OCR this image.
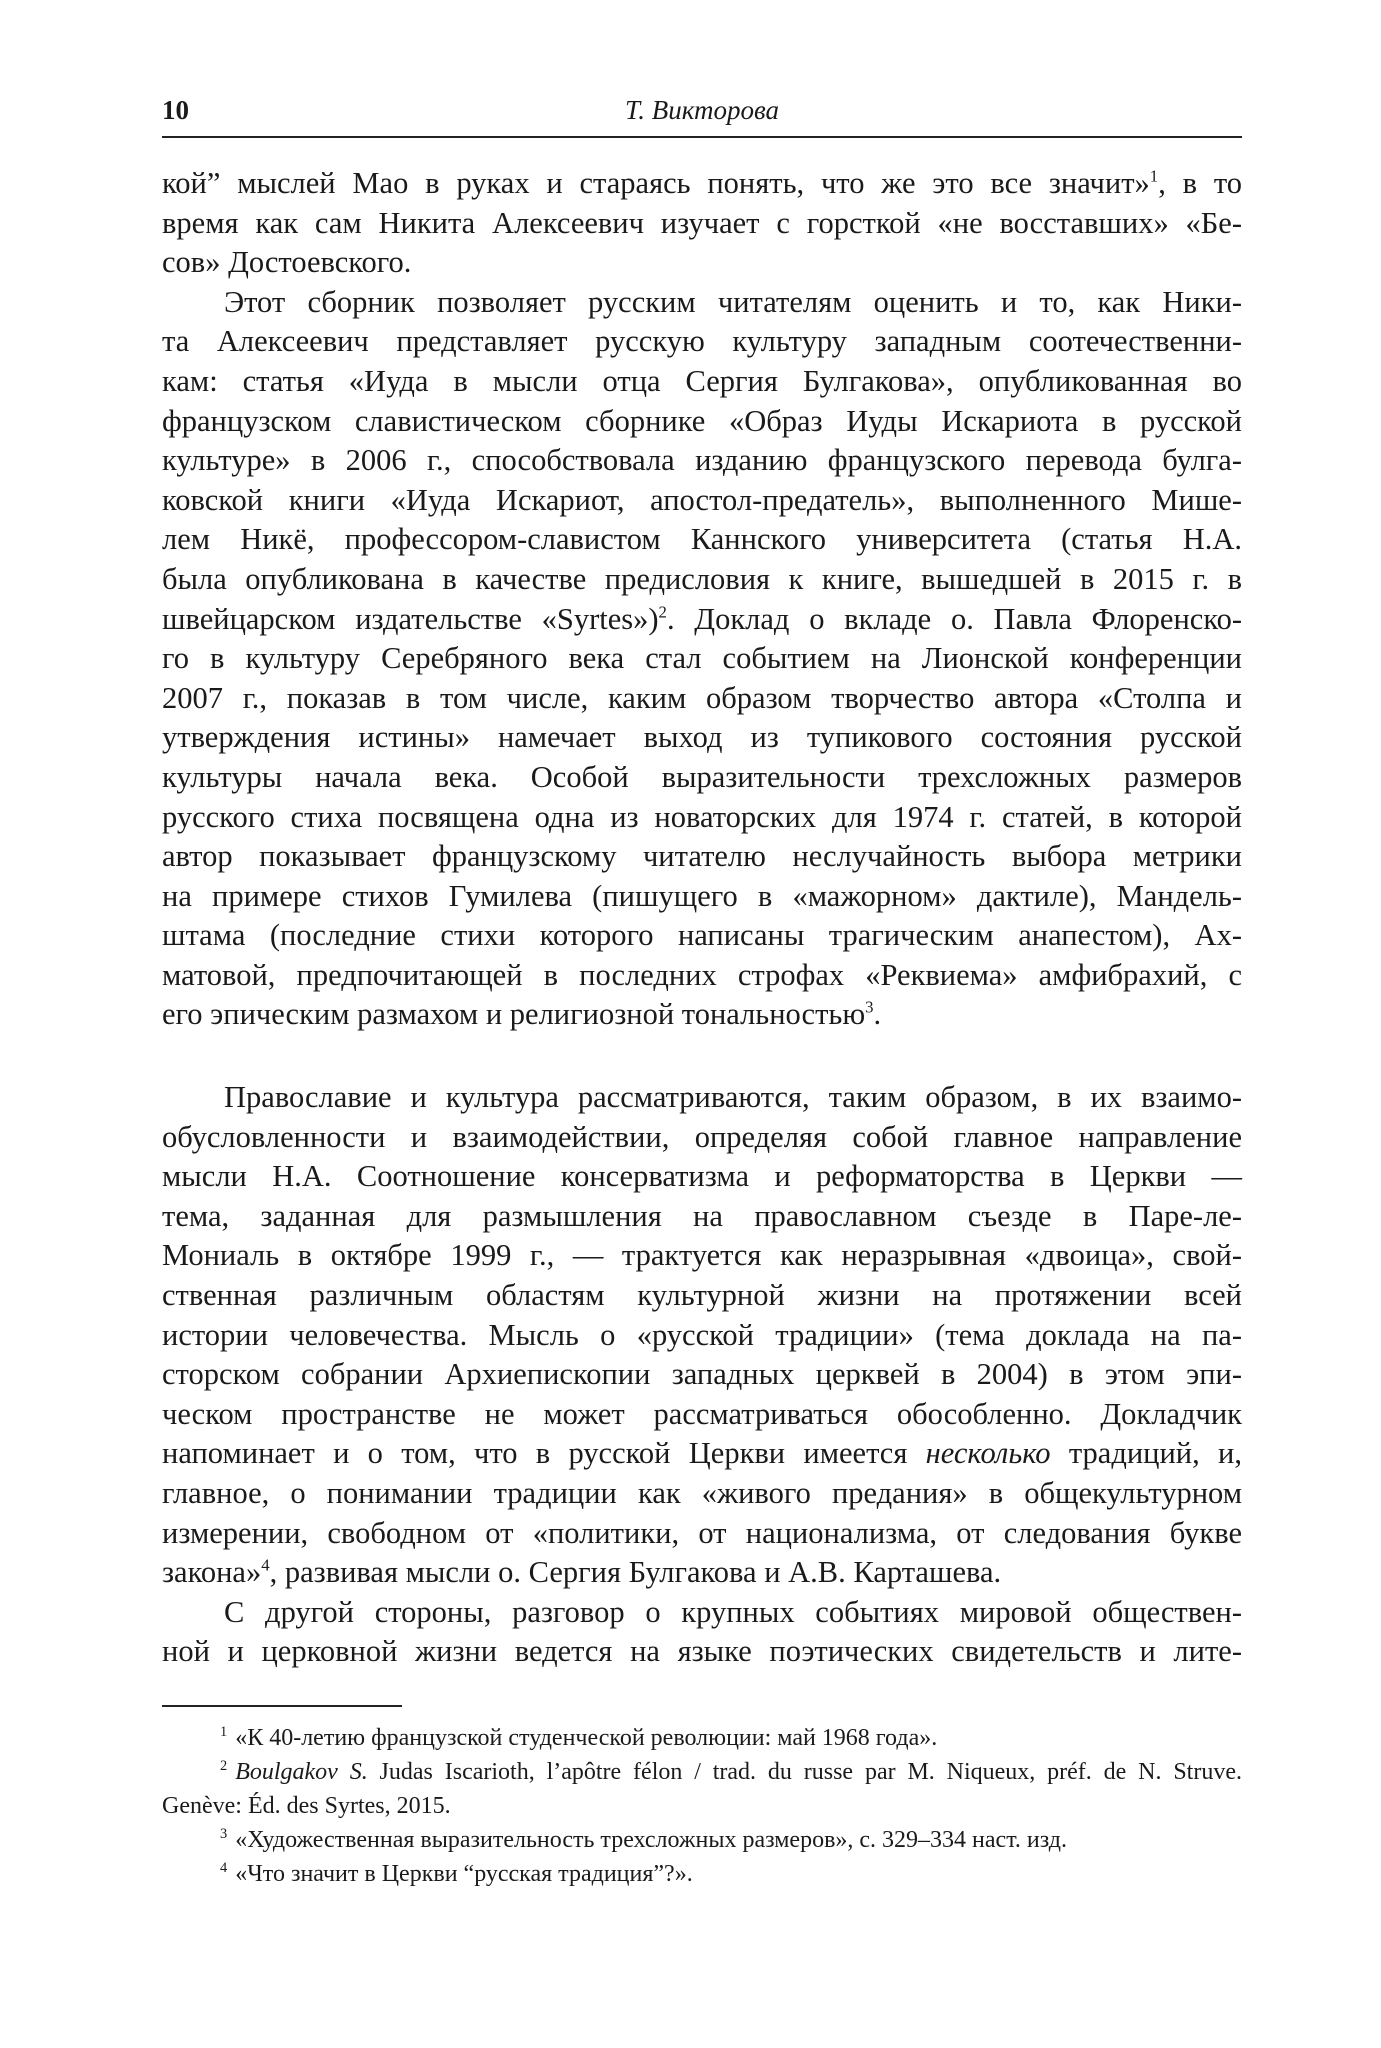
10	Т. Викторова
кой” мыслей Мао в руках и стараясь понять, что же это все значит»$^1$, в то
время как сам Никита Алексеевич изучает с горсткой «не восставших» «Бе-
сов» Достоевского.
Этот сборник позволяет русским читателям оценить и то, как Ники-
та Алексеевич представляет русскую культуру западным соотечественни-
кам: статья «Иуда в мысли отца Сергия Булгакова», опубликованная во
французском славистическом сборнике «Образ Иуды Искариота в русской
культуре» в 2006 г., способствовала изданию французского перевода булга-
ковской книги «Иуда Искариот, апостол-предатель», выполненного Мише-
лем Никё, профессором-славистом Каннского университета (статья Н.А.
была опубликована в качестве предисловия к книге, вышедшей в 2015 г. в
швейцарском издательстве «Syrtes»)$^2$. Доклад о вкладе о. Павла Флоренско-
го в культуру Серебряного века стал событием на Лионской конференции
2007 г., показав в том числе, каким образом творчество автора «Столпа и
утверждения истины» намечает выход из тупикового состояния русской
культуры начала века. Особой выразительности трехсложных размеров
русского стиха посвящена одна из новаторских для 1974 г. статей, в которой
автор показывает французскому читателю неслучайность выбора метрики
на примере стихов Гумилева (пишущего в «мажорном» дактиле), Мандель-
штама (последние стихи которого написаны трагическим анапестом), Ах-
матовой, предпочитающей в последних строфах «Реквиема» амфибрахий, с
его эпическим размахом и религиозной тональностью$^3$.
Православие и культура рассматриваются, таким образом, в их взаимо-
обусловленности и взаимодействии, определяя собой главное направление
мысли Н.А. Соотношение консерватизма и реформаторства в Церкви —
тема, заданная для размышления на православном съезде в Паре-ле-
Мониаль в октябре 1999 г., — трактуется как неразрывная «двоица», свой-
ственная различным областям культурной жизни на протяжении всей
истории человечества. Мысль о «русской традиции» (тема доклада на па-
сторском собрании Архиепископии западных церквей в 2004) в этом эпи-
ческом пространстве не может рассматриваться обособленно. Докладчик
напоминает и о том, что в русской Церкви имеется несколько традиций, и,
главное, о понимании традиции как «живого предания» в общекультурном
измерении, свободном от «политики, от национализма, от следования букве
закона»$^4$, развивая мысли о. Сергия Булгакова и А.В. Карташева.
С другой стороны, разговор о крупных событиях мировой обществен-
ной и церковной жизни ведется на языке поэтических свидетельств и лите-
$^1$ «К 40-летию французской студенческой революции: май 1968 года».
$^2$ Boulgakov S. Judas Iscarioth, l’apôtre félon / trad. du russe par M. Niqueux, préf. de N. Struve.
Genève: Éd. des Syrtes, 2015.
$^3$ «Художественная выразительность трехсложных размеров», с. 329–334 наст. изд.
$^4$ «Что значит в Церкви “русская традиция”?».
